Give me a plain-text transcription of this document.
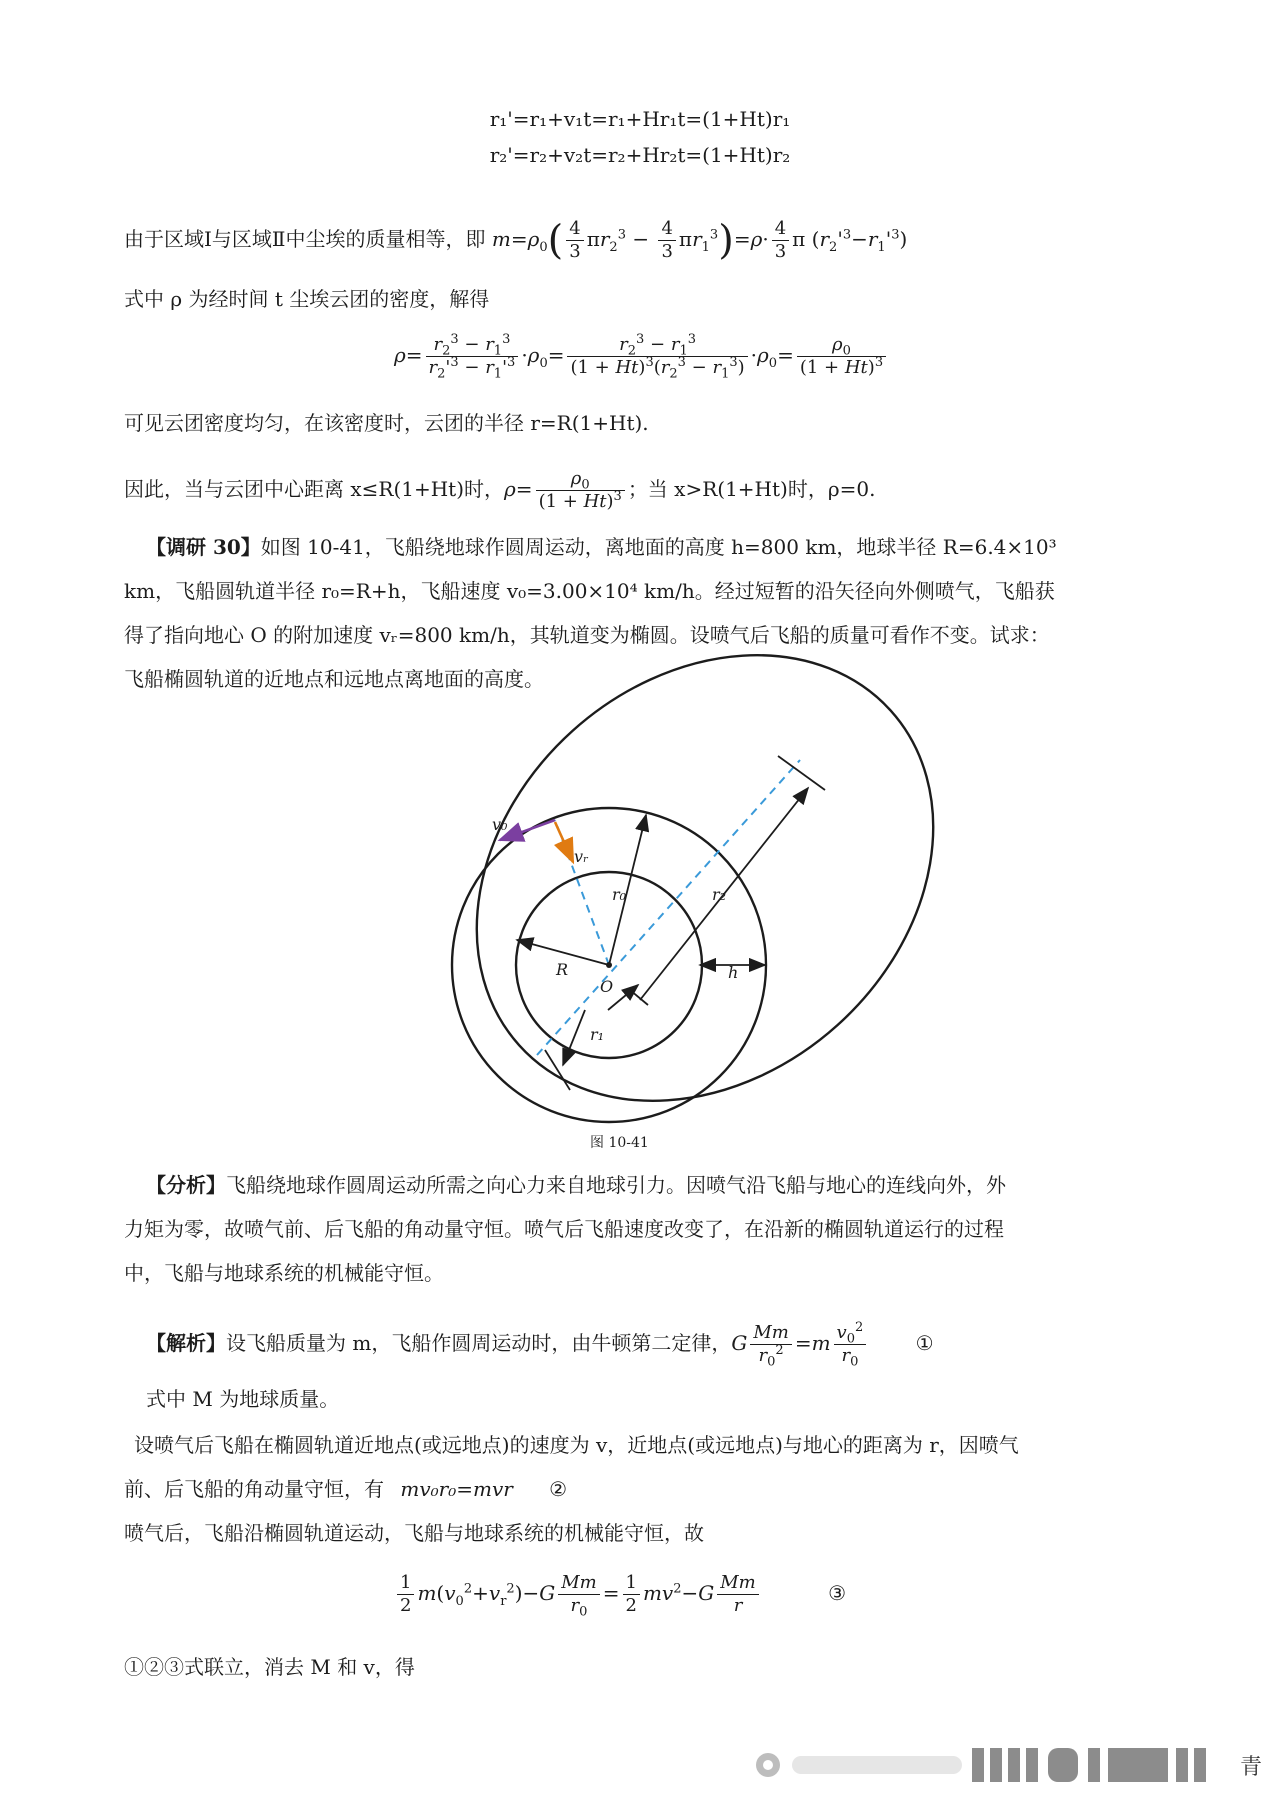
r₁'=r₁+v₁t=r₁+Hr₁t=(1+Ht)r₁
r₂'=r₂+v₂t=r₂+Hr₂t=(1+Ht)r₂
由于区域Ⅰ与区域Ⅱ中尘埃的质量相等，即 $m=\rho_0( \frac{4}{3} \pi r_2^3 - \frac{4}{3} \pi r_1^3)=\rho\cdot \frac{4}{3}$ π $(r_2'^3-r_1'^3)$
式中 ρ 为经时间 t 尘埃云团的密度，解得
$\rho= \frac{r_2^3 - r_1^3}{r_2'^3 - r_1'^3} \cdot\rho_0= \frac{r_2^3 - r_1^3}{(1 + Ht)^3(r_2^3 - r_1^3)} \cdot\rho_0= \frac{\rho_0}{(1 + Ht)^3}$
可见云团密度均匀，在该密度时，云团的半径 r=R(1+Ht).
因此，当与云团中心距离 x≤R(1+Ht)时，$\rho= \frac{\rho_0}{(1 + Ht)^3}$ ；当 x>R(1+Ht)时，ρ=0.
【调研 30】如图 10-41，飞船绕地球作圆周运动，离地面的高度 h=800 km，地球半径 R=6.4×10³
km，飞船圆轨道半径 r₀=R+h，飞船速度 v₀=3.00×10⁴ km/h。经过短暂的沿矢径向外侧喷气，飞船获
得了指向地心 O 的附加速度 vᵣ=800 km/h，其轨道变为椭圆。设喷气后飞船的质量可看作不变。试求：
飞船椭圆轨道的近地点和远地点离地面的高度。
v₀
vᵣ
r₀	r₂
R
O
h
r₁
图 10-41
【分析】飞船绕地球作圆周运动所需之向心力来自地球引力。因喷气沿飞船与地心的连线向外，外
力矩为零，故喷气前、后飞船的角动量守恒。喷气后飞船速度改变了，在沿新的椭圆轨道运行的过程
中，飞船与地球系统的机械能守恒。
【解析】设飞船质量为 m，飞船作圆周运动时，由牛顿第二定律，G $\frac{Mm}{r_0^2} =m \frac{v_0^2}{r_0}$ ①
式中 M 为地球质量。
设喷气后飞船在椭圆轨道近地点(或远地点)的速度为 v，近地点(或远地点)与地心的距离为 r，因喷气
前、后飞船的角动量守恒，有 mv₀r₀=mvr ②
喷气后，飞船沿椭圆轨道运动，飞船与地球系统的机械能守恒，故
$\frac{1}{2} m(v_0^2+v_r^2)-G \frac{Mm}{r_0} = \frac{1}{2} mv^2-G \frac{Mm}{r}$	③
①②③式联立，消去 M 和 v，得
青
